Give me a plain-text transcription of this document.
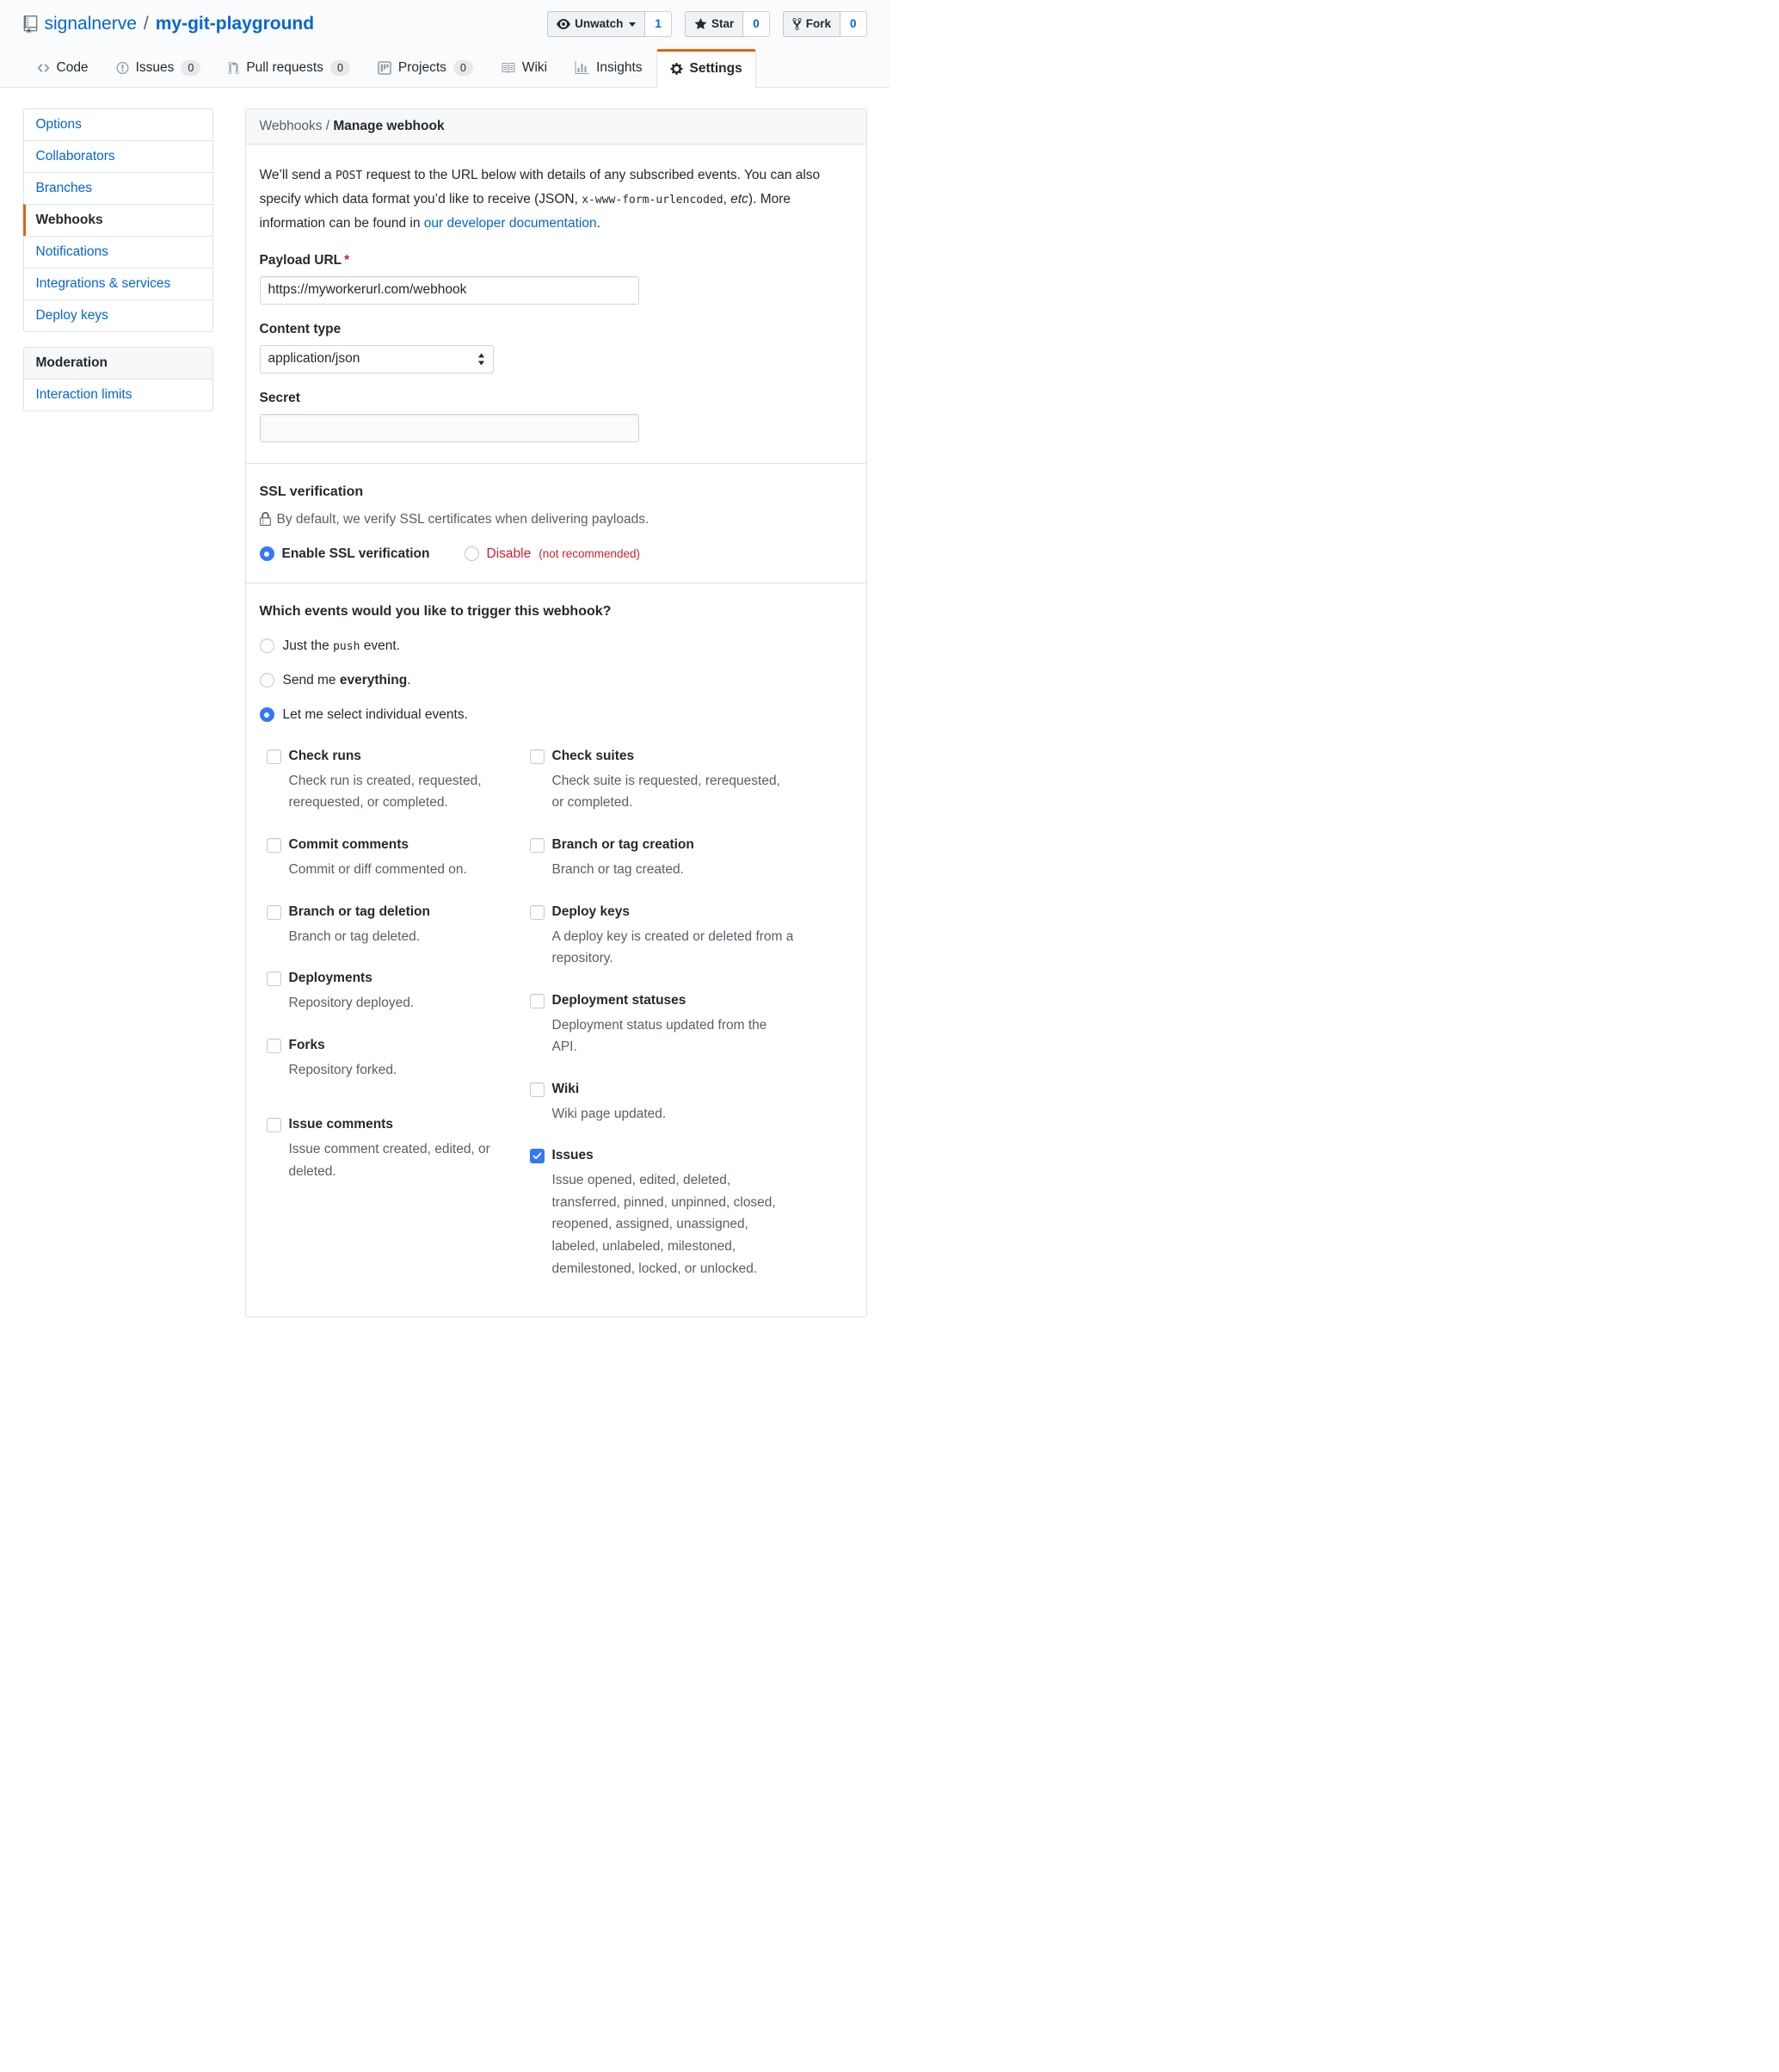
signalnerve / my-git-playground	Unwatch	1	Star	0	Fork	0
Code	Issues	0	Pull requests	0	Projects	0	Wiki	Insights	Settings
Options
Collaborators
Branches
Webhooks
Notifications
Integrations & services
Deploy keys
Moderation
Interaction limits
Webhooks / Manage webhook

We’ll send a POST request to the URL below with details of any subscribed events. You can also specify which data format you’d like to receive (JSON, x-www-form-urlencoded, etc). More information can be found in our developer documentation.

Payload URL *
https://myworkerurl.com/webhook
Content type
application/json
Secret
SSL verification
By default, we verify SSL certificates when delivering payloads.
Enable SSL verification	Disable (not recommended)
Which events would you like to trigger this webhook?
Just the push event.
Send me everything.
Let me select individual events.
Check runs
Check run is created, requested, rerequested, or completed.
Commit comments
Commit or diff commented on.
Branch or tag deletion
Branch or tag deleted.
Deployments
Repository deployed.
Forks
Repository forked.
Issue comments
Issue comment created, edited, or deleted.
Check suites
Check suite is requested, rerequested, or completed.
Branch or tag creation
Branch or tag created.
Deploy keys
A deploy key is created or deleted from a repository.
Deployment statuses
Deployment status updated from the API.
Wiki
Wiki page updated.
Issues
Issue opened, edited, deleted, transferred, pinned, unpinned, closed, reopened, assigned, unassigned, labeled, unlabeled, milestoned, demilestoned, locked, or unlocked.
